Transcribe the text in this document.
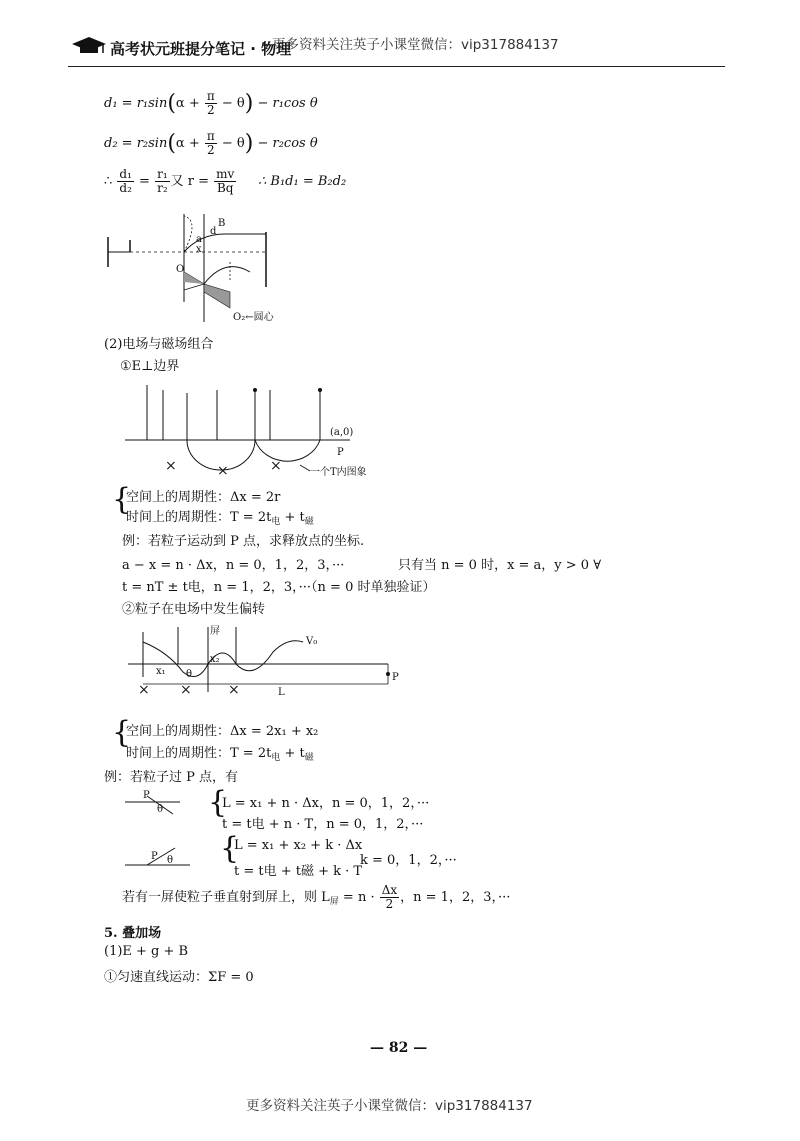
高考状元班提分笔记 · 物理
更多资料关注英子小课堂微信：vip317884137
$d_1 = r_1\sin(\alpha + \frac{\pi}{2} - \theta) - r_1\cos$ θ
$d_2 = r_2\sin(\alpha + \frac{\pi}{2} - \theta) - r_2\cos$ θ
∴ $\frac{\text{d₁}}{\text{d₂}} = \frac{\text{r₁}}{\text{r₂}}$ 又 $r = \frac{mv}{Bq}$ ∴ B₁d₁ = B₂d₂
O
B
d
a
x
O₂←圆心
(2)电场与磁场组合
①E⊥边界
×	×	×
(a,0)
P
一个T内图象
{
空间上的周期性：Δx = 2r
时间上的周期性：$T = 2t_电 + t_磁$
例：若粒子运动到 P 点，求释放点的坐标.
a − x = n · Δx，n = 0，1，2，3，···	只有当 n = 0 时，x = a，y > 0 ∀
t = nT ± t电，n = 1，2，3，···（n = 0 时单独验证）
②粒子在电场中发生偏转
× ×	×
屏
V₀
x₁
x₂
θ
L
P
{
空间上的周期性：Δx = 2x₁ + x₂
时间上的周期性：$T = 2t_电 + t_磁$
例：若粒子过 P 点，有
P
θ {
L = x₁ + n · Δx，n = 0，1，2，···
t = t电 + n · T，n = 0，1，2，···
P θ {
L = x₁ + x₂ + k · Δx
t = t电 + t磁 + k · T
k = 0，1，2，···
若有一屏使粒子垂直射到屏上，则 $L_屏 = n \cdot \frac{\Delta x}{2}$ ，n = 1，2，3，···
5. 叠加场
(1)E + g + B
①匀速直线运动：ΣF = 0
— 82 —
更多资料关注英子小课堂微信：vip317884137
